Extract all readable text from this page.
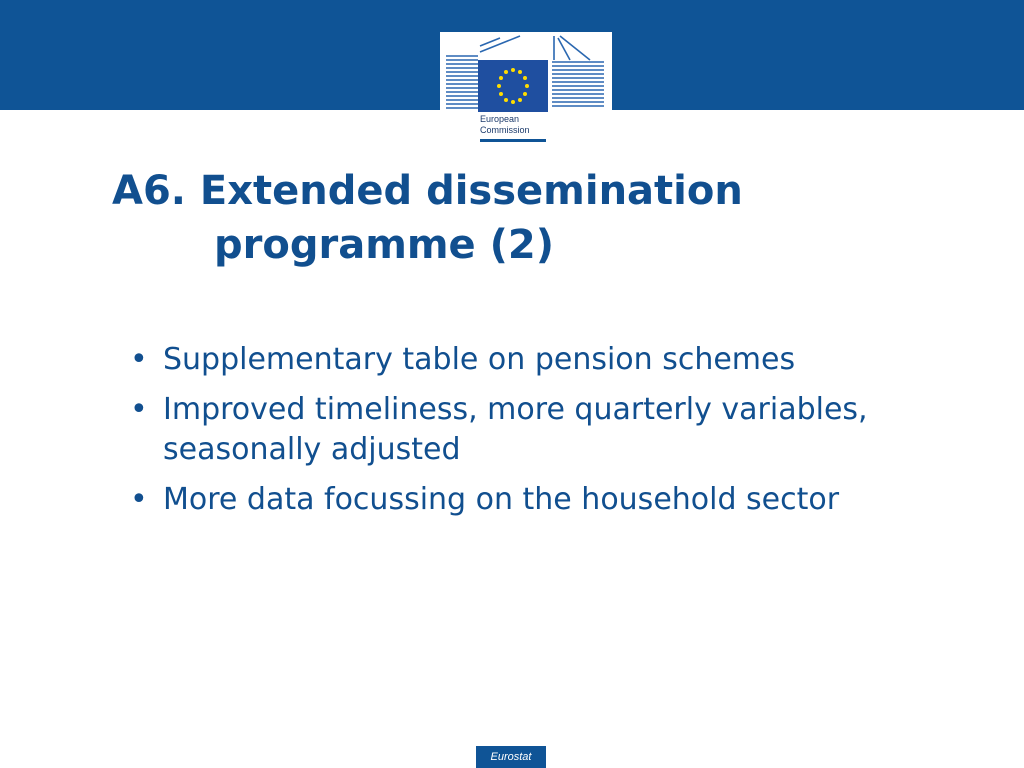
European
Commission
A6. Extended dissemination
programme (2)
• Supplementary table on pension schemes
• Improved timeliness, more quarterly variables, seasonally adjusted
• More data focussing on the household sector
Eurostat
